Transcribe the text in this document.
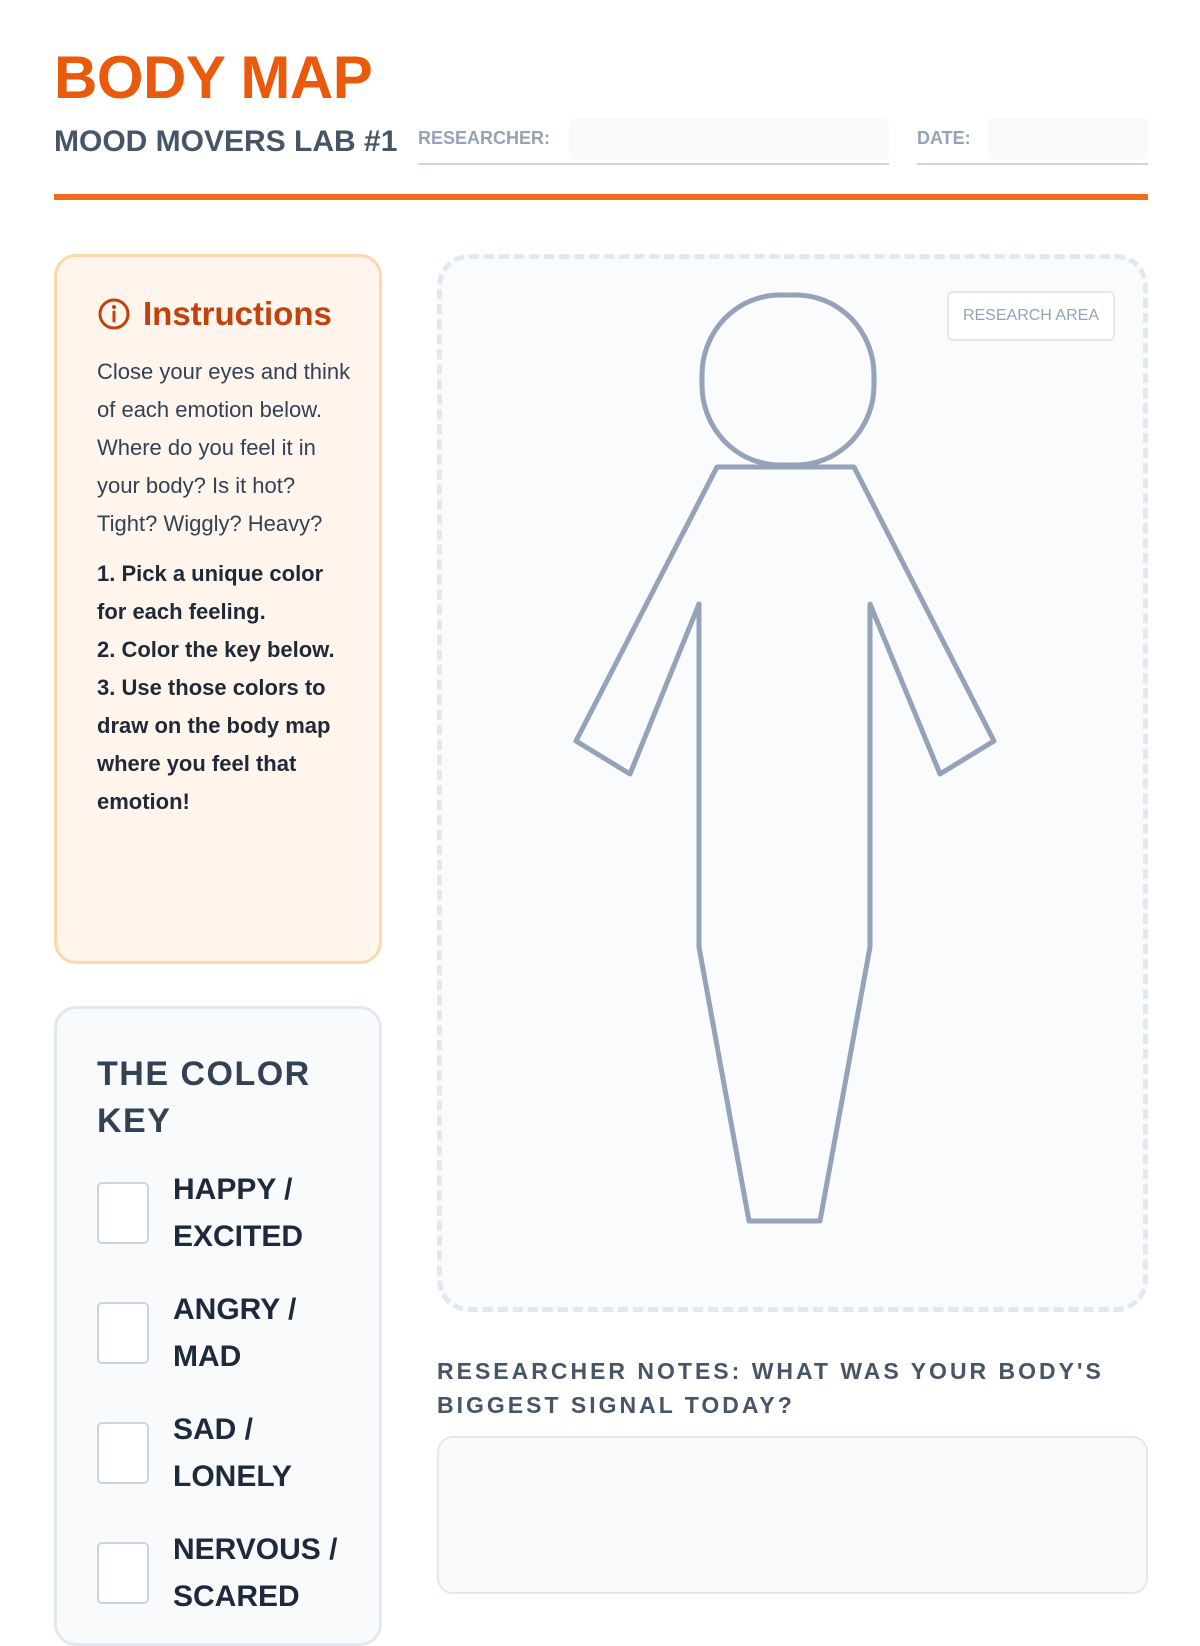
BODY MAP
MOOD MOVERS LAB #1 RESEARCHER:	DATE:
Instructions

Close your eyes and think of each emotion below. Where do you feel it in your body? Is it hot? Tight? Wiggly? Heavy?

1. Pick a unique color for each feeling.
2. Color the key below.
3. Use those colors to draw on the body map where you feel that emotion!
THE COLOR KEY
HAPPY / EXCITED
ANGRY / MAD
SAD / LONELY
NERVOUS / SCARED
RESEARCH AREA
RESEARCHER NOTES: WHAT WAS YOUR BODY'S BIGGEST SIGNAL TODAY?
